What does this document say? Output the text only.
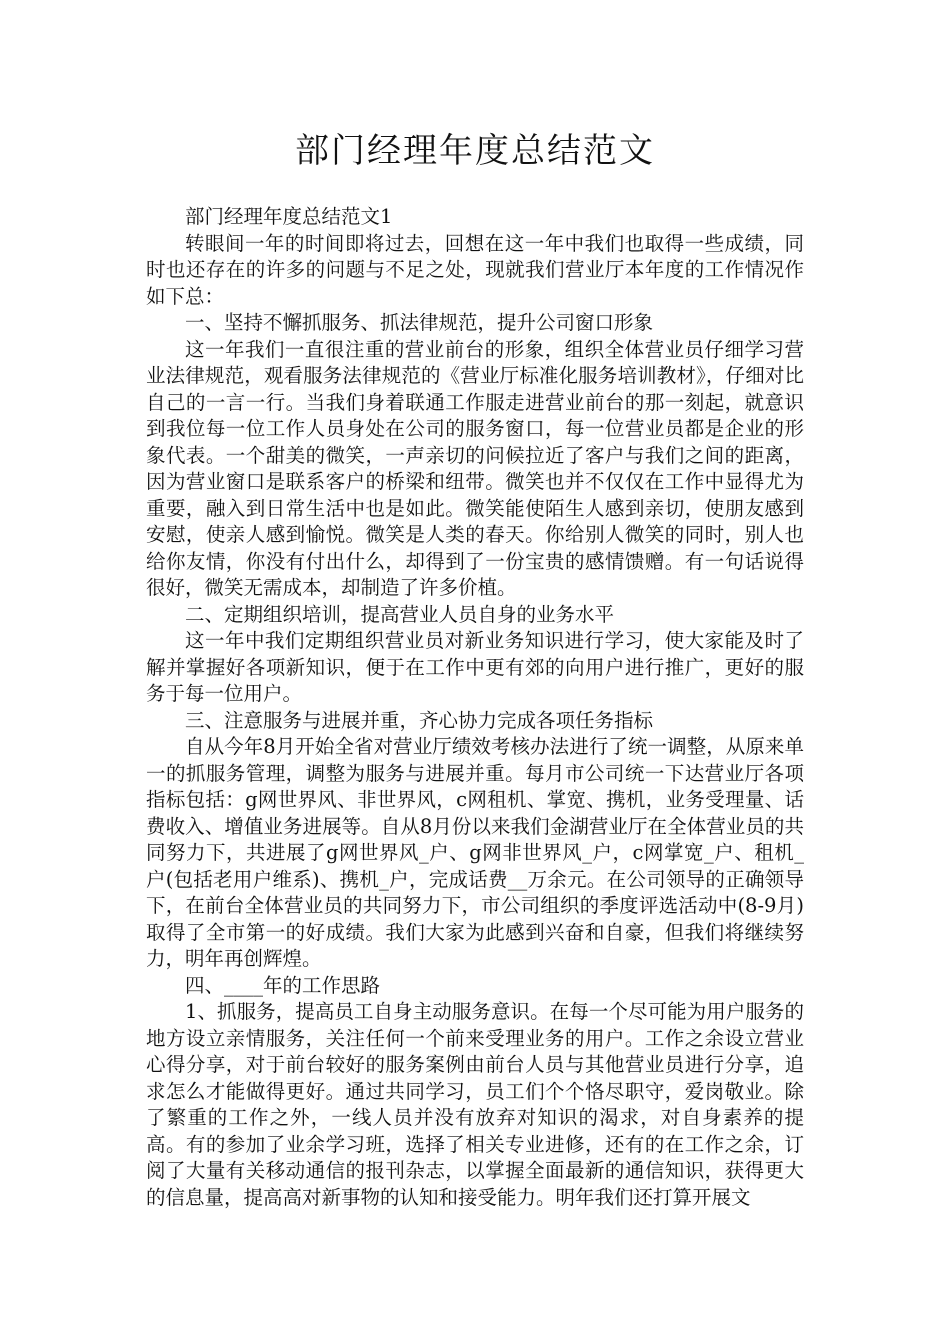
部门经理年度总结范文

部门经理年度总结范文1

转眼间一年的时间即将过去，回想在这一年中我们也取得一些成绩，同时也还存在的许多的问题与不足之处，现就我们营业厅本年度的工作情况作如下总：

一、坚持不懈抓服务、抓法律规范，提升公司窗口形象

这一年我们一直很注重的营业前台的形象，组织全体营业员仔细学习营业法律规范，观看服务法律规范的《营业厅标准化服务培训教材》，仔细对比自己的一言一行。当我们身着联通工作服走进营业前台的那一刻起，就意识到我位每一位工作人员身处在公司的服务窗口，每一位营业员都是企业的形象代表。一个甜美的微笑，一声亲切的问候拉近了客户与我们之间的距离，因为营业窗口是联系客户的桥梁和纽带。微笑也并不仅仅在工作中显得尤为重要，融入到日常生活中也是如此。微笑能使陌生人感到亲切，使朋友感到安慰，使亲人感到愉悦。微笑是人类的春天。你给别人微笑的同时，别人也给你友情，你没有付出什么，却得到了一份宝贵的感情馈赠。有一句话说得很好，微笑无需成本，却制造了许多价植。

二、定期组织培训，提高营业人员自身的业务水平

这一年中我们定期组织营业员对新业务知识进行学习，使大家能及时了解并掌握好各项新知识，便于在工作中更有郊的向用户进行推广，更好的服务于每一位用户。

三、注意服务与进展并重，齐心协力完成各项任务指标

自从今年8月开始全省对营业厅绩效考核办法进行了统一调整，从原来单一的抓服务管理，调整为服务与进展并重。每月市公司统一下达营业厅各项指标包括：g网世界风、非世界风，c网租机、掌宽、携机，业务受理量、话费收入、增值业务进展等。自从8月份以来我们金湖营业厅在全体营业员的共同努力下，共进展了g网世界风_户、g网非世界风_户，c网掌宽_户、租机_户(包括老用户维系)、携机_户，完成话费__万余元。在公司领导的正确领导下，在前台全体营业员的共同努力下，市公司组织的季度评选活动中(8-9月)取得了全市第一的好成绩。我们大家为此感到兴奋和自豪，但我们将继续努力，明年再创辉煌。

四、____年的工作思路

1、抓服务，提高员工自身主动服务意识。在每一个尽可能为用户服务的地方设立亲情服务，关注任何一个前来受理业务的用户。工作之余设立营业心得分享，对于前台较好的服务案例由前台人员与其他营业员进行分享，追求怎么才能做得更好。通过共同学习，员工们个个恪尽职守，爱岗敬业。除了繁重的工作之外，一线人员并没有放弃对知识的渴求，对自身素养的提高。有的参加了业余学习班，选择了相关专业进修，还有的在工作之余，订阅了大量有关移动通信的报刊杂志，以掌握全面最新的通信知识，获得更大的信息量，提高高对新事物的认知和接受能力。明年我们还打算开展文
